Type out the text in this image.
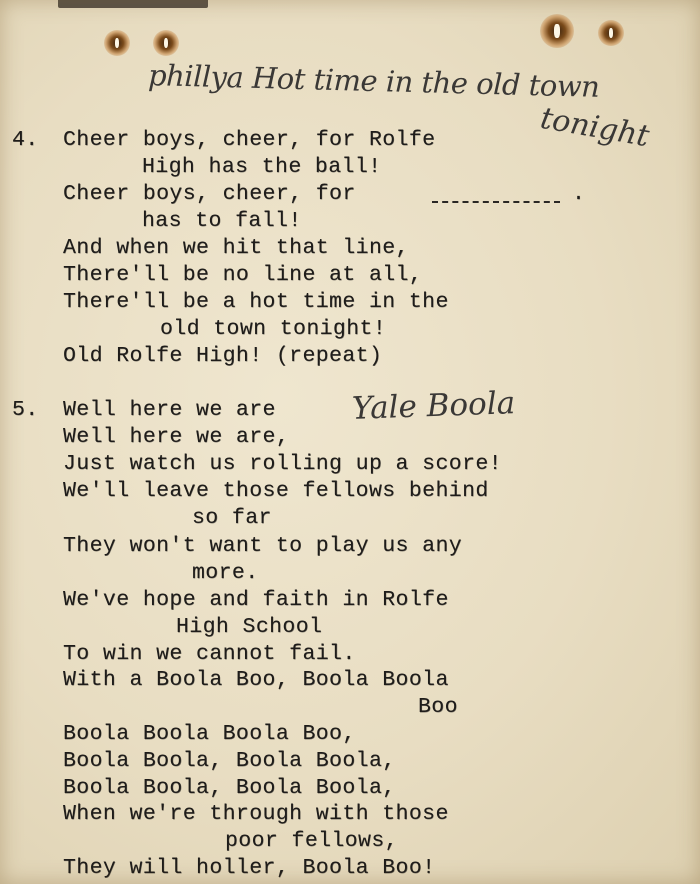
phillya Hot time in the old town
tonight

4.

Cheer boys, cheer, for Rolfe

High has the ball!

Cheer boys, cheer, for

	.

has to fall!

And when we hit that line,

There'll be no line at all,

There'll be a hot time in the

old town tonight!

Old Rolfe High! (repeat)

Yale Boola

5.

Well here we are

Well here we are,

Just watch us rolling up a score!

We'll leave those fellows behind

so far

They won't want to play us any

more.

We've hope and faith in Rolfe

High School

To win we cannot fail.

With a Boola Boo, Boola Boola

Boo

Boola Boola Boola Boo,

Boola Boola, Boola Boola,

Boola Boola, Boola Boola,

When we're through with those

poor fellows,

They will holler, Boola Boo!
